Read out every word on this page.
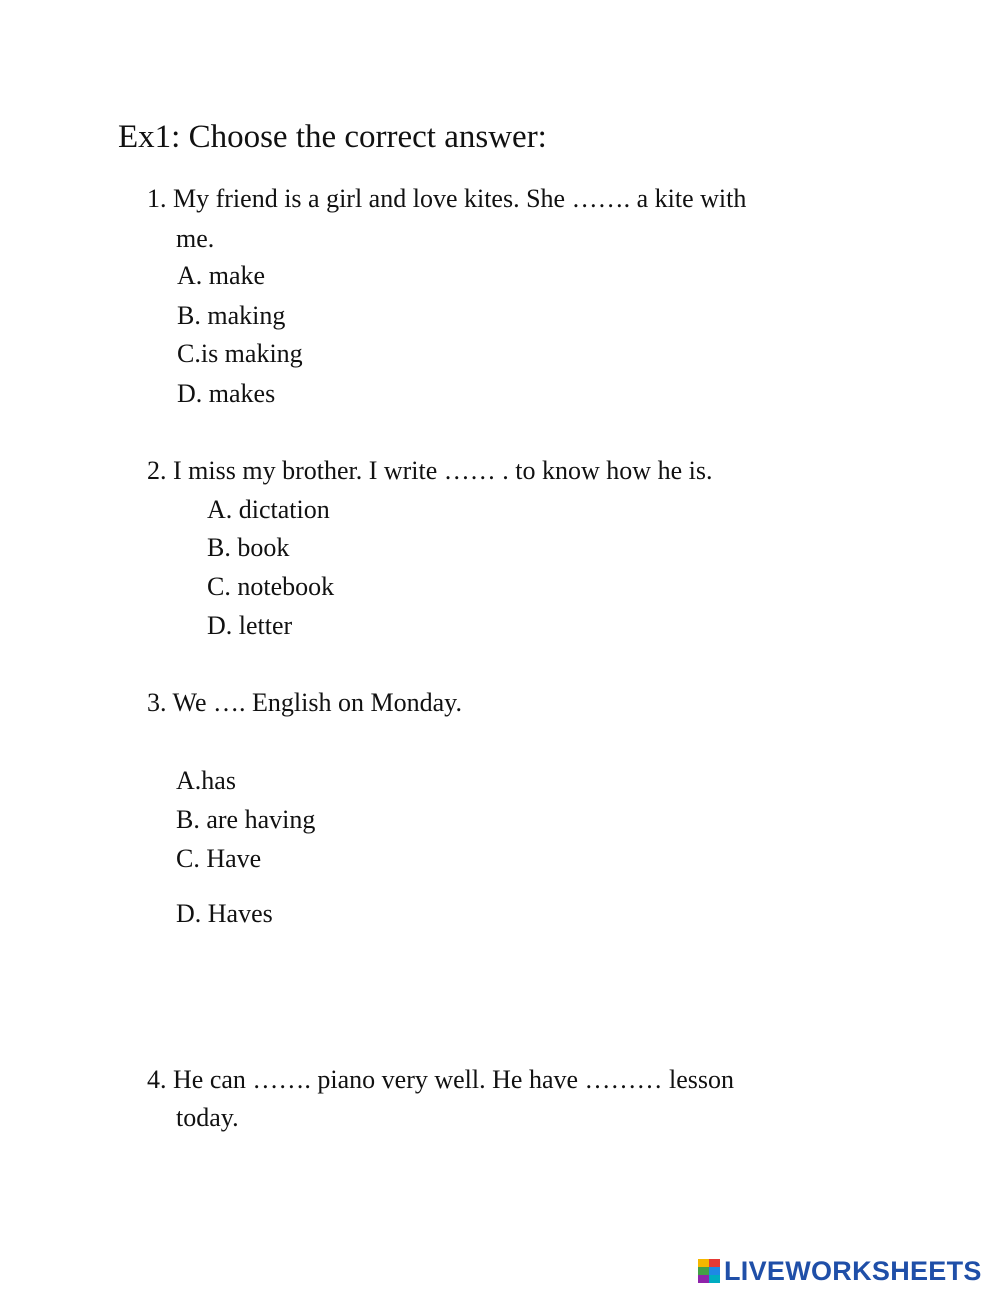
Ex1: Choose the correct answer:
1. My friend is a girl and love kites. She ……. a kite with
me.
A. make
B. making
C.is making
D. makes
2. I miss my brother. I write …… . to know how he is.
A. dictation
B. book
C. notebook
D. letter
3. We …. English on Monday.
A.has
B. are having
C. Have
D. Haves
4. He can ……. piano very well. He have ……… lesson
today.
LIVEWORKSHEETS
